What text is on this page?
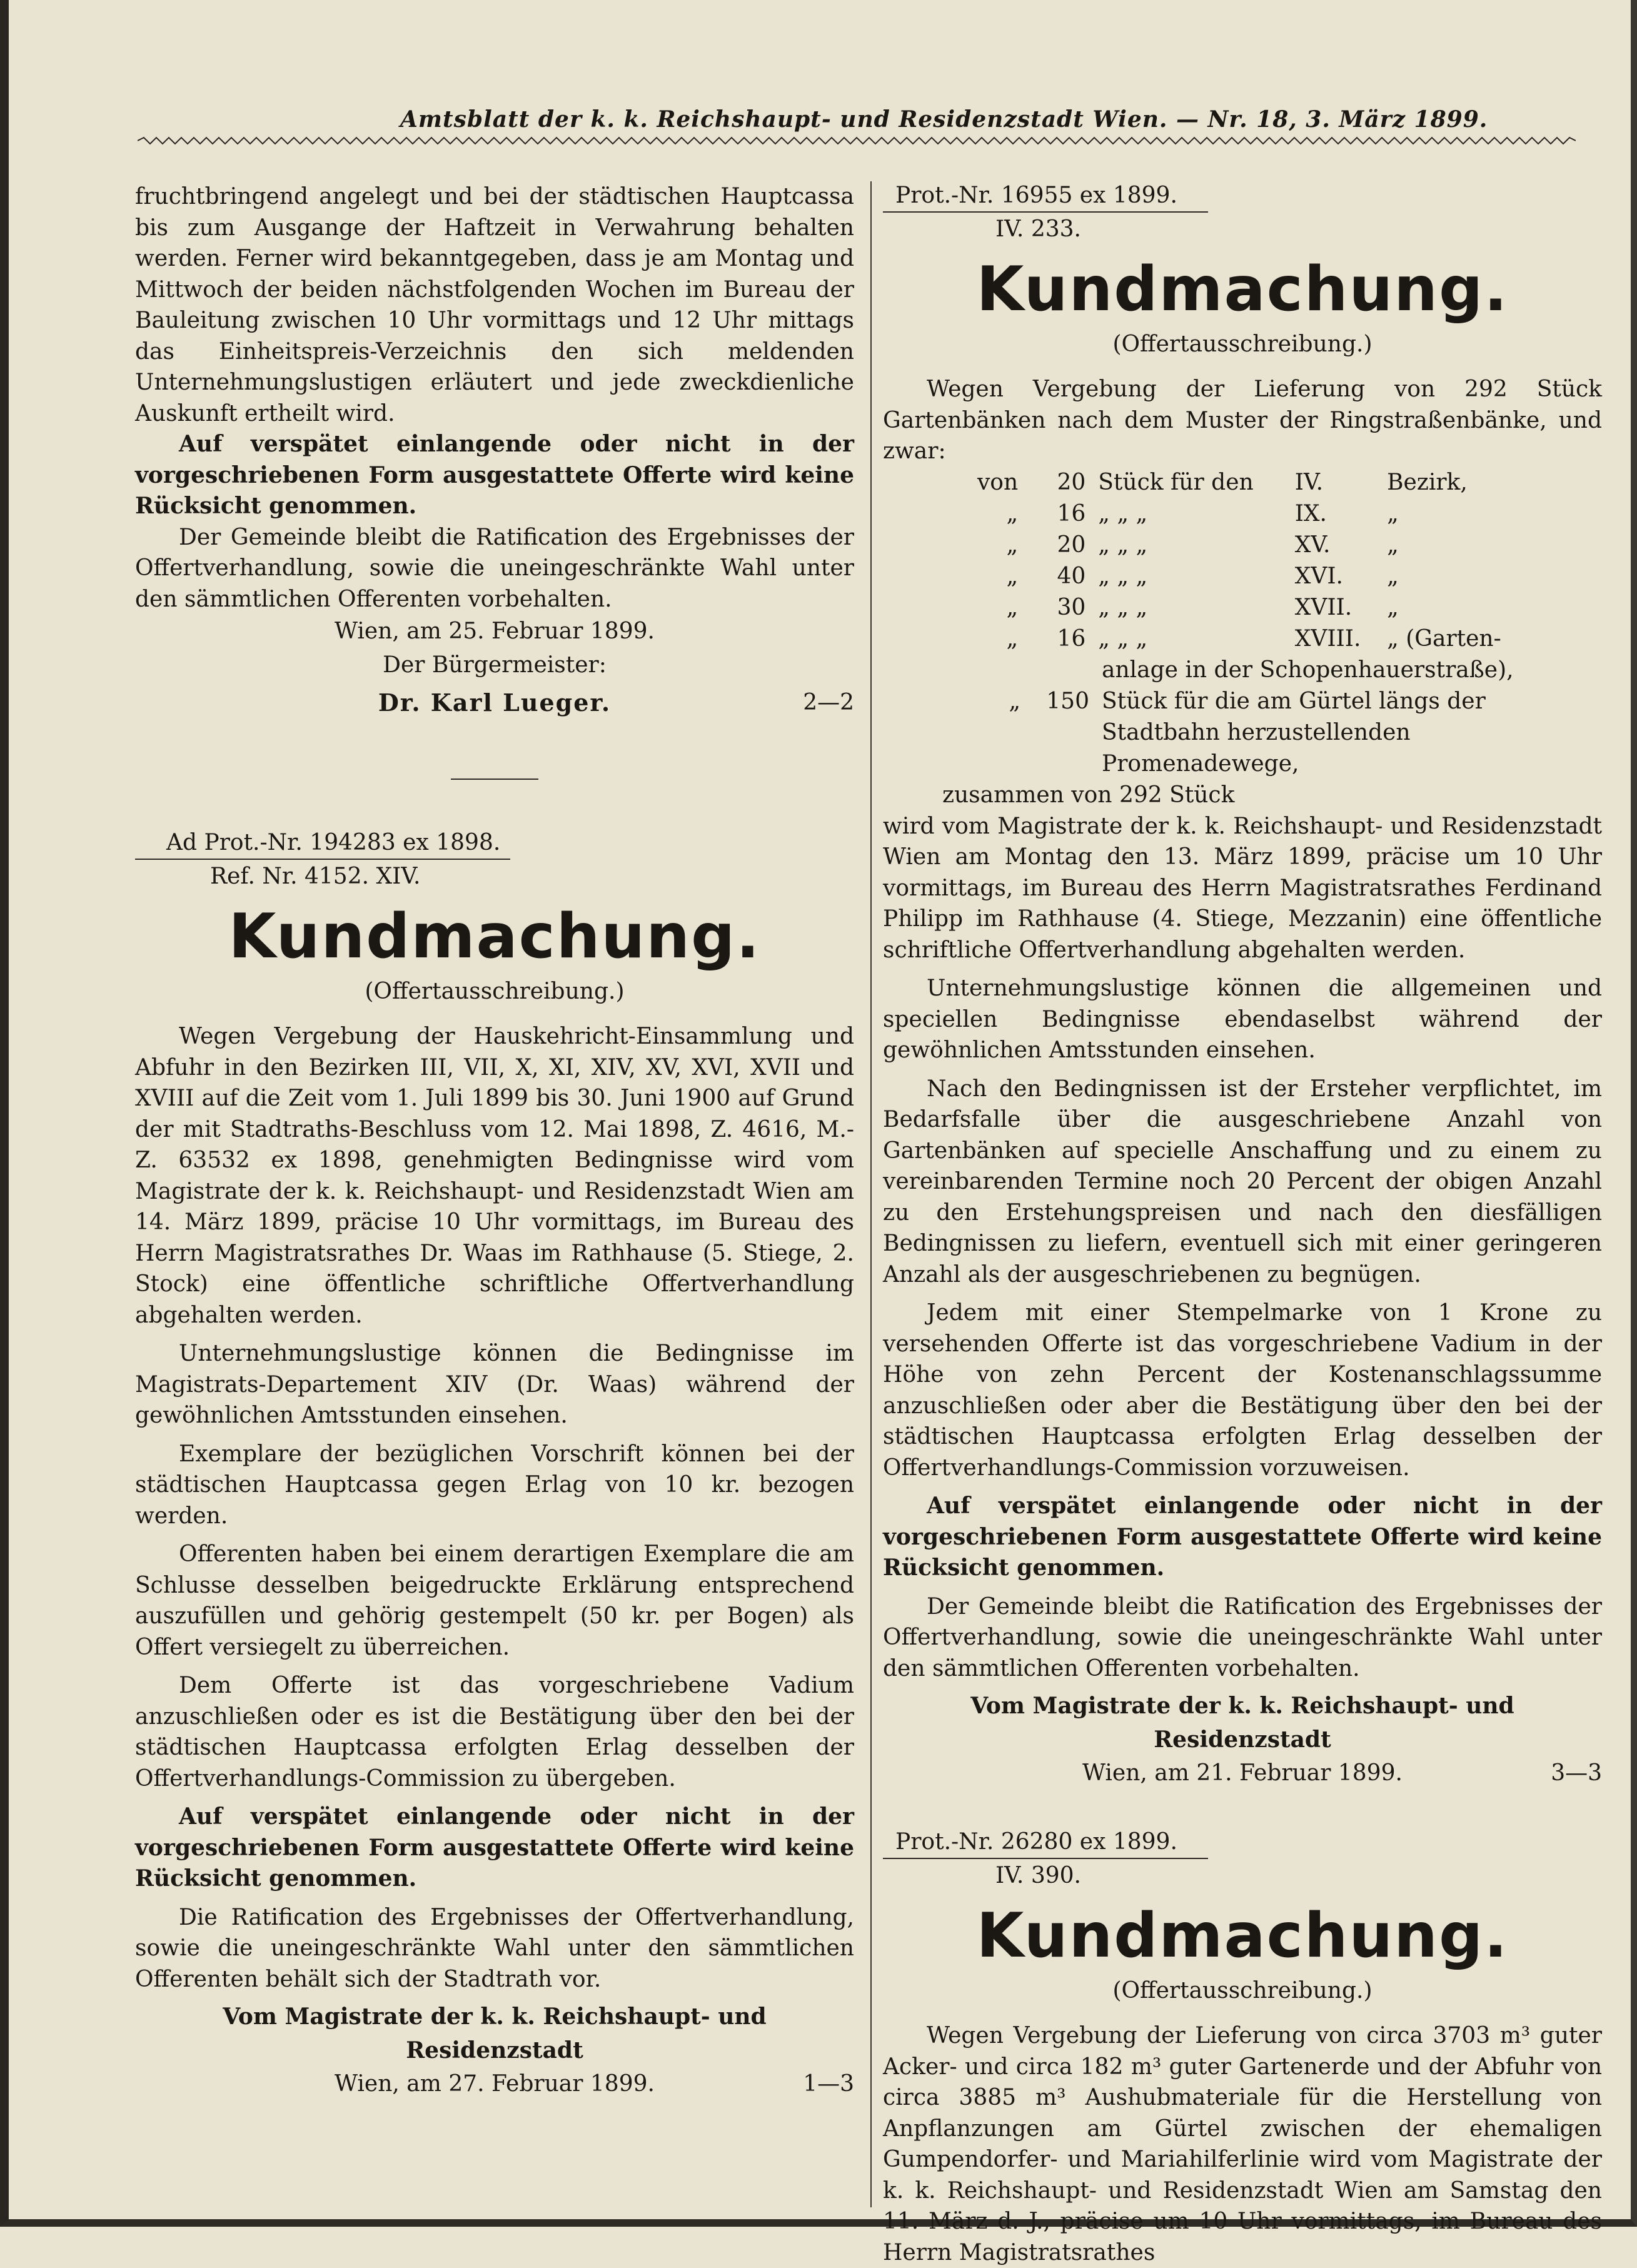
Amtsblatt der k. k. Reichshaupt- und Residenzstadt Wien. — Nr. 18, 3. März 1899.

fruchtbringend angelegt und bei der städtischen Hauptcassa bis zum Ausgange der Haftzeit in Verwahrung behalten werden. Ferner wird bekanntgegeben, dass je am Montag und Mittwoch der beiden nächstfolgenden Wochen im Bureau der Bauleitung zwischen 10 Uhr vormittags und 12 Uhr mittags das Einheitspreis-Verzeichnis den sich meldenden Unternehmungslustigen erläutert und jede zweckdienliche Auskunft ertheilt wird.

Auf verspätet einlangende oder nicht in der vorgeschriebenen Form ausgestattete Offerte wird keine Rücksicht genommen.

Der Gemeinde bleibt die Ratification des Ergebnisses der Offertverhandlung, sowie die uneingeschränkte Wahl unter den sämmtlichen Offerenten vorbehalten.

Wien, am 25. Februar 1899.
Der Bürgermeister:
Dr. Karl Lueger.	2—2
Ad Prot.-Nr. 194283 ex 1898.
Ref. Nr. 4152. XIV.
Kundmachung.
(Offertausschreibung.)

Wegen Vergebung der Hauskehricht-Einsammlung und Abfuhr in den Bezirken III, VII, X, XI, XIV, XV, XVI, XVII und XVIII auf die Zeit vom 1. Juli 1899 bis 30. Juni 1900 auf Grund der mit Stadtraths-Beschluss vom 12. Mai 1898, Z. 4616, M.-Z. 63532 ex 1898, genehmigten Bedingnisse wird vom Magistrate der k. k. Reichshaupt- und Residenzstadt Wien am 14. März 1899, präcise 10 Uhr vormittags, im Bureau des Herrn Magistratsrathes Dr. Waas im Rathhause (5. Stiege, 2. Stock) eine öffentliche schriftliche Offertverhandlung abgehalten werden.

Unternehmungslustige können die Bedingnisse im Magistrats-Departement XIV (Dr. Waas) während der gewöhnlichen Amtsstunden einsehen.

Exemplare der bezüglichen Vorschrift können bei der städtischen Hauptcassa gegen Erlag von 10 kr. bezogen werden.

Offerenten haben bei einem derartigen Exemplare die am Schlusse desselben beigedruckte Erklärung entsprechend auszufüllen und gehörig gestempelt (50 kr. per Bogen) als Offert versiegelt zu überreichen.

Dem Offerte ist das vorgeschriebene Vadium anzuschließen oder es ist die Bestätigung über den bei der städtischen Hauptcassa erfolgten Erlag desselben der Offertverhandlungs-Commission zu übergeben.

Auf verspätet einlangende oder nicht in der vorgeschriebenen Form ausgestattete Offerte wird keine Rücksicht genommen.

Die Ratification des Ergebnisses der Offertverhandlung, sowie die uneingeschränkte Wahl unter den sämmtlichen Offerenten behält sich der Stadtrath vor.

Vom Magistrate der k. k. Reichshaupt- und Residenzstadt
Wien, am 27. Februar 1899.	1—3
Prot.-Nr. 16955 ex 1899.
IV. 233.
Kundmachung.
(Offertausschreibung.)

Wegen Vergebung der Lieferung von 292 Stück Gartenbänken nach dem Muster der Ringstraßenbänke, und zwar:

von	20 Stück für den	IV.	Bezirk,
„	16 „ „ „	IX.	„
„	20 „ „ „	XV.	„
„	40 „ „ „	XVI.	„
„	30 „ „ „	XVII.	„
„	16 „ „ „	XVIII.	„ (Garten-
anlage in der Schopenhauerstraße),
„	150 Stück für die am Gürtel längs der Stadtbahn herzustellenden Promenadewege,
zusammen von 292 Stück

wird vom Magistrate der k. k. Reichshaupt- und Residenzstadt Wien am Montag den 13. März 1899, präcise um 10 Uhr vormittags, im Bureau des Herrn Magistratsrathes Ferdinand Philipp im Rathhause (4. Stiege, Mezzanin) eine öffentliche schriftliche Offertverhandlung abgehalten werden.

Unternehmungslustige können die allgemeinen und speciellen Bedingnisse ebendaselbst während der gewöhnlichen Amtsstunden einsehen.

Nach den Bedingnissen ist der Ersteher verpflichtet, im Bedarfsfalle über die ausgeschriebene Anzahl von Gartenbänken auf specielle Anschaffung und zu einem zu vereinbarenden Termine noch 20 Percent der obigen Anzahl zu den Erstehungspreisen und nach den diesfälligen Bedingnissen zu liefern, eventuell sich mit einer geringeren Anzahl als der ausgeschriebenen zu begnügen.

Jedem mit einer Stempelmarke von 1 Krone zu versehenden Offerte ist das vorgeschriebene Vadium in der Höhe von zehn Percent der Kostenanschlagssumme anzuschließen oder aber die Bestätigung über den bei der städtischen Hauptcassa erfolgten Erlag desselben der Offertverhandlungs-Commission vorzuweisen.

Auf verspätet einlangende oder nicht in der vorgeschriebenen Form ausgestattete Offerte wird keine Rücksicht genommen.

Der Gemeinde bleibt die Ratification des Ergebnisses der Offertverhandlung, sowie die uneingeschränkte Wahl unter den sämmtlichen Offerenten vorbehalten.

Vom Magistrate der k. k. Reichshaupt- und Residenzstadt
Wien, am 21. Februar 1899.	3—3
Prot.-Nr. 26280 ex 1899.
IV. 390.
Kundmachung.
(Offertausschreibung.)

Wegen Vergebung der Lieferung von circa 3703 m³ guter Acker- und circa 182 m³ guter Gartenerde und der Abfuhr von circa 3885 m³ Aushubmateriale für die Herstellung von Anpflanzungen am Gürtel zwischen der ehemaligen Gumpendorfer- und Mariahilferlinie wird vom Magistrate der k. k. Reichshaupt- und Residenzstadt Wien am Samstag den 11. März d. J., präcise um 10 Uhr vormittags, im Bureau des Herrn Magistratsrathes
